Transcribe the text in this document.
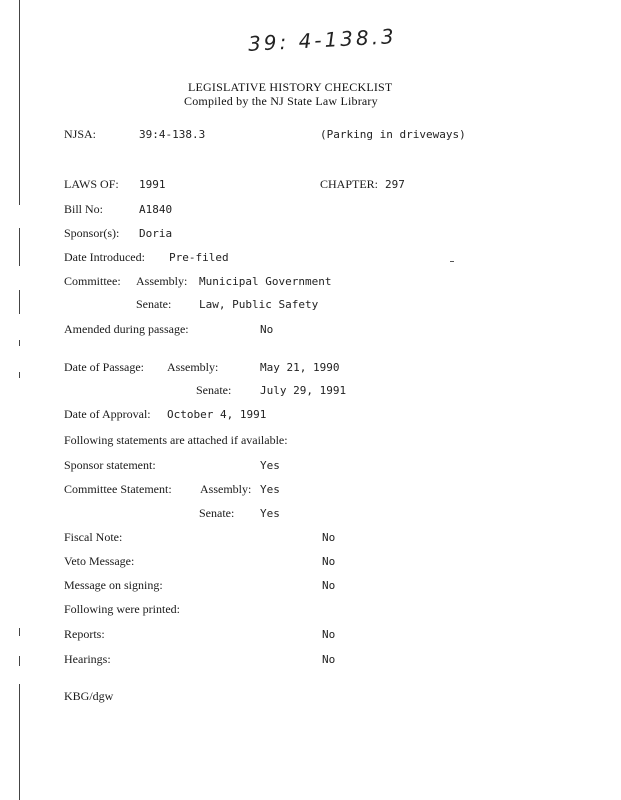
39: 4-138.3
LEGISLATIVE HISTORY CHECKLIST
Compiled by the NJ State Law Library
NJSA:	39:4-138.3	(Parking in driveways)
LAWS OF: 1991	CHAPTER: 297
Bill No:	A1840
Sponsor(s): Doria
Date Introduced: Pre-filed
Committee: Assembly: Municipal Government
Senate:	Law, Public Safety
Amended during passage:	No
Date of Passage: Assembly:	May 21, 1990
Senate:	July 29, 1991
Date of Approval: October 4, 1991
Following statements are attached if available:
Sponsor statement:	Yes
Committee Statement: Assembly: Yes
Senate: Yes
Fiscal Note:	No
Veto Message:	No
Message on signing:	No
Following were printed:
Reports:	No
Hearings:	No
KBG/dgw
